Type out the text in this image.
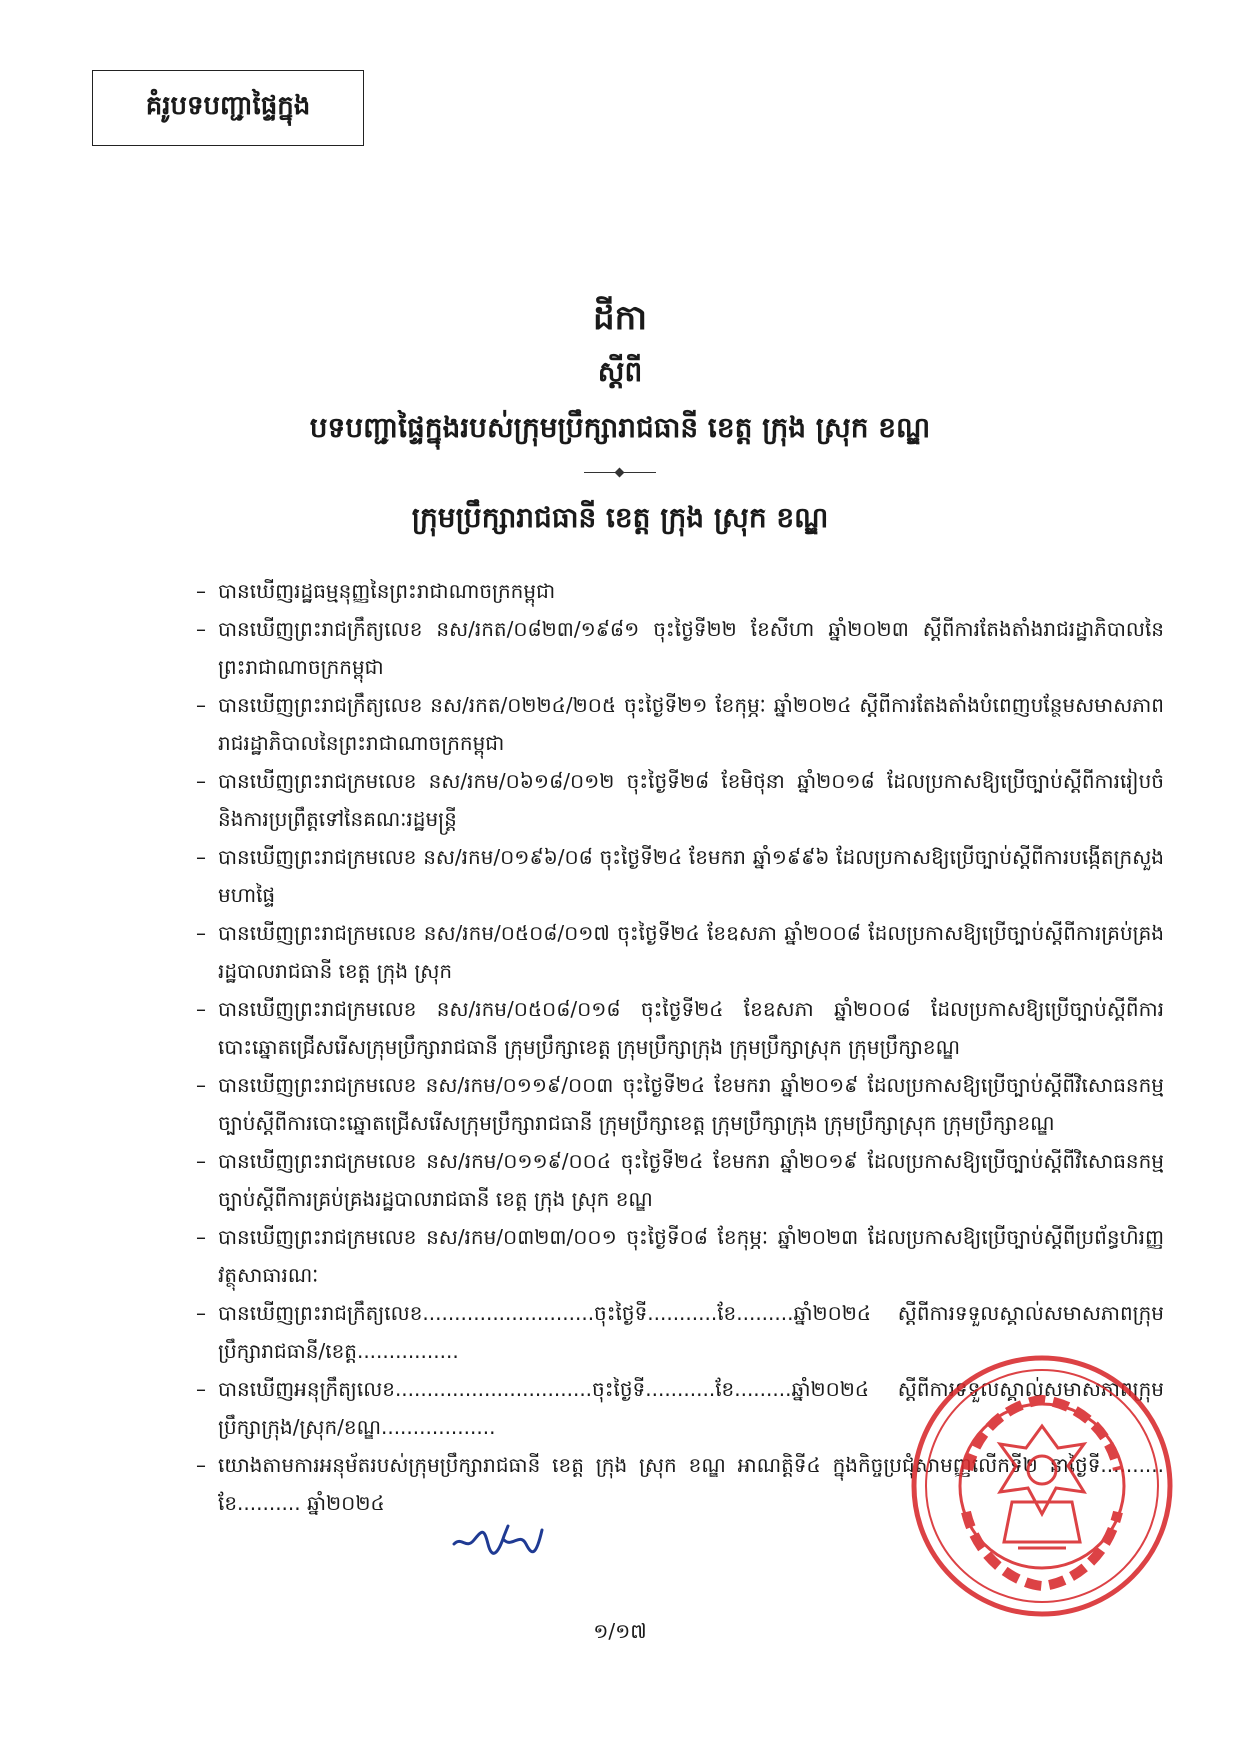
គំរូបទបញ្ជាផ្ទៃក្នុង
ដីកា
ស្ដីពី
បទបញ្ជាផ្ទៃក្នុងរបស់ក្រុមប្រឹក្សារាជធានី ខេត្ត ក្រុង ស្រុក ខណ្ឌ
ក្រុមប្រឹក្សារាជធានី ខេត្ត ក្រុង ស្រុក ខណ្ឌ
– បានឃើញរដ្ឋធម្មនុញ្ញនៃព្រះរាជាណាចក្រកម្ពុជា
– បានឃើញព្រះរាជក្រឹត្យលេខ នស/រកត/០៨២៣/១៩៨១ ចុះថ្ងៃទី២២ ខែសីហា ឆ្នាំ២០២៣ ស្ដីពីការតែងតាំងរាជរដ្ឋាភិបាលនៃព្រះរាជាណាចក្រកម្ពុជា
– បានឃើញព្រះរាជក្រឹត្យលេខ នស/រកត/០២២៤/២០៥ ចុះថ្ងៃទី២១ ខែកុម្ភៈ ឆ្នាំ២០២៤ ស្ដីពីការតែងតាំងបំពេញបន្ថែមសមាសភាពរាជរដ្ឋាភិបាលនៃព្រះរាជាណាចក្រកម្ពុជា
– បានឃើញព្រះរាជក្រមលេខ នស/រកម/០៦១៨/០១២ ចុះថ្ងៃទី២៨ ខែមិថុនា ឆ្នាំ២០១៨ ដែលប្រកាសឱ្យប្រើច្បាប់ស្ដីពីការរៀបចំ និងការប្រព្រឹត្តទៅនៃគណៈរដ្ឋមន្ត្រី
– បានឃើញព្រះរាជក្រមលេខ នស/រកម/០១៩៦/០៨ ចុះថ្ងៃទី២៤ ខែមករា ឆ្នាំ១៩៩៦ ដែលប្រកាសឱ្យប្រើច្បាប់ស្ដីពីការបង្កើតក្រសួងមហាផ្ទៃ
– បានឃើញព្រះរាជក្រមលេខ នស/រកម/០៥០៨/០១៧ ចុះថ្ងៃទី២៤ ខែឧសភា ឆ្នាំ២០០៨ ដែលប្រកាសឱ្យប្រើច្បាប់ស្ដីពីការគ្រប់គ្រងរដ្ឋបាលរាជធានី ខេត្ត ក្រុង ស្រុក
– បានឃើញព្រះរាជក្រមលេខ នស/រកម/០៥០៨/០១៨ ចុះថ្ងៃទី២៤ ខែឧសភា ឆ្នាំ២០០៨ ដែលប្រកាសឱ្យប្រើច្បាប់ស្ដីពីការបោះឆ្នោតជ្រើសរើសក្រុមប្រឹក្សារាជធានី ក្រុមប្រឹក្សាខេត្ត ក្រុមប្រឹក្សាក្រុង ក្រុមប្រឹក្សាស្រុក ក្រុមប្រឹក្សាខណ្ឌ
– បានឃើញព្រះរាជក្រមលេខ នស/រកម/០១១៩/០០៣ ចុះថ្ងៃទី២៤ ខែមករា ឆ្នាំ២០១៩ ដែលប្រកាសឱ្យប្រើច្បាប់ស្ដីពីវិសោធនកម្មច្បាប់ស្ដីពីការបោះឆ្នោតជ្រើសរើសក្រុមប្រឹក្សារាជធានី ក្រុមប្រឹក្សាខេត្ត ក្រុមប្រឹក្សាក្រុង ក្រុមប្រឹក្សាស្រុក ក្រុមប្រឹក្សាខណ្ឌ
– បានឃើញព្រះរាជក្រមលេខ នស/រកម/០១១៩/០០៤ ចុះថ្ងៃទី២៤ ខែមករា ឆ្នាំ២០១៩ ដែលប្រកាសឱ្យប្រើច្បាប់ស្ដីពីវិសោធនកម្មច្បាប់ស្ដីពីការគ្រប់គ្រងរដ្ឋបាលរាជធានី ខេត្ត ក្រុង ស្រុក ខណ្ឌ
– បានឃើញព្រះរាជក្រមលេខ នស/រកម/០៣២៣/០០១ ចុះថ្ងៃទី០៨ ខែកុម្ភៈ ឆ្នាំ២០២៣ ដែលប្រកាសឱ្យប្រើច្បាប់ស្ដីពីប្រព័ន្ធហិរញ្ញវត្ថុសាធារណៈ
– បានឃើញព្រះរាជក្រឹត្យលេខ...........................ចុះថ្ងៃទី...........ខែ.........ឆ្នាំ២០២៤ ស្ដីពីការទទួលស្គាល់សមាសភាពក្រុមប្រឹក្សារាជធានី/ខេត្ត................
– បានឃើញអនុក្រឹត្យលេខ...............................ចុះថ្ងៃទី...........ខែ.........ឆ្នាំ២០២៤ ស្ដីពីការទទួលស្គាល់សមាសភាពក្រុមប្រឹក្សាក្រុង/ស្រុក/ខណ្ឌ..................
– យោងតាមការអនុម័តរបស់ក្រុមប្រឹក្សារាជធានី ខេត្ត ក្រុង ស្រុក ខណ្ឌ អាណត្តិទី៤ ក្នុងកិច្ចប្រជុំសាមញ្ញលើកទី២ នាថ្ងៃទី.......... ខែ.......... ឆ្នាំ២០២៤
១/១៧
